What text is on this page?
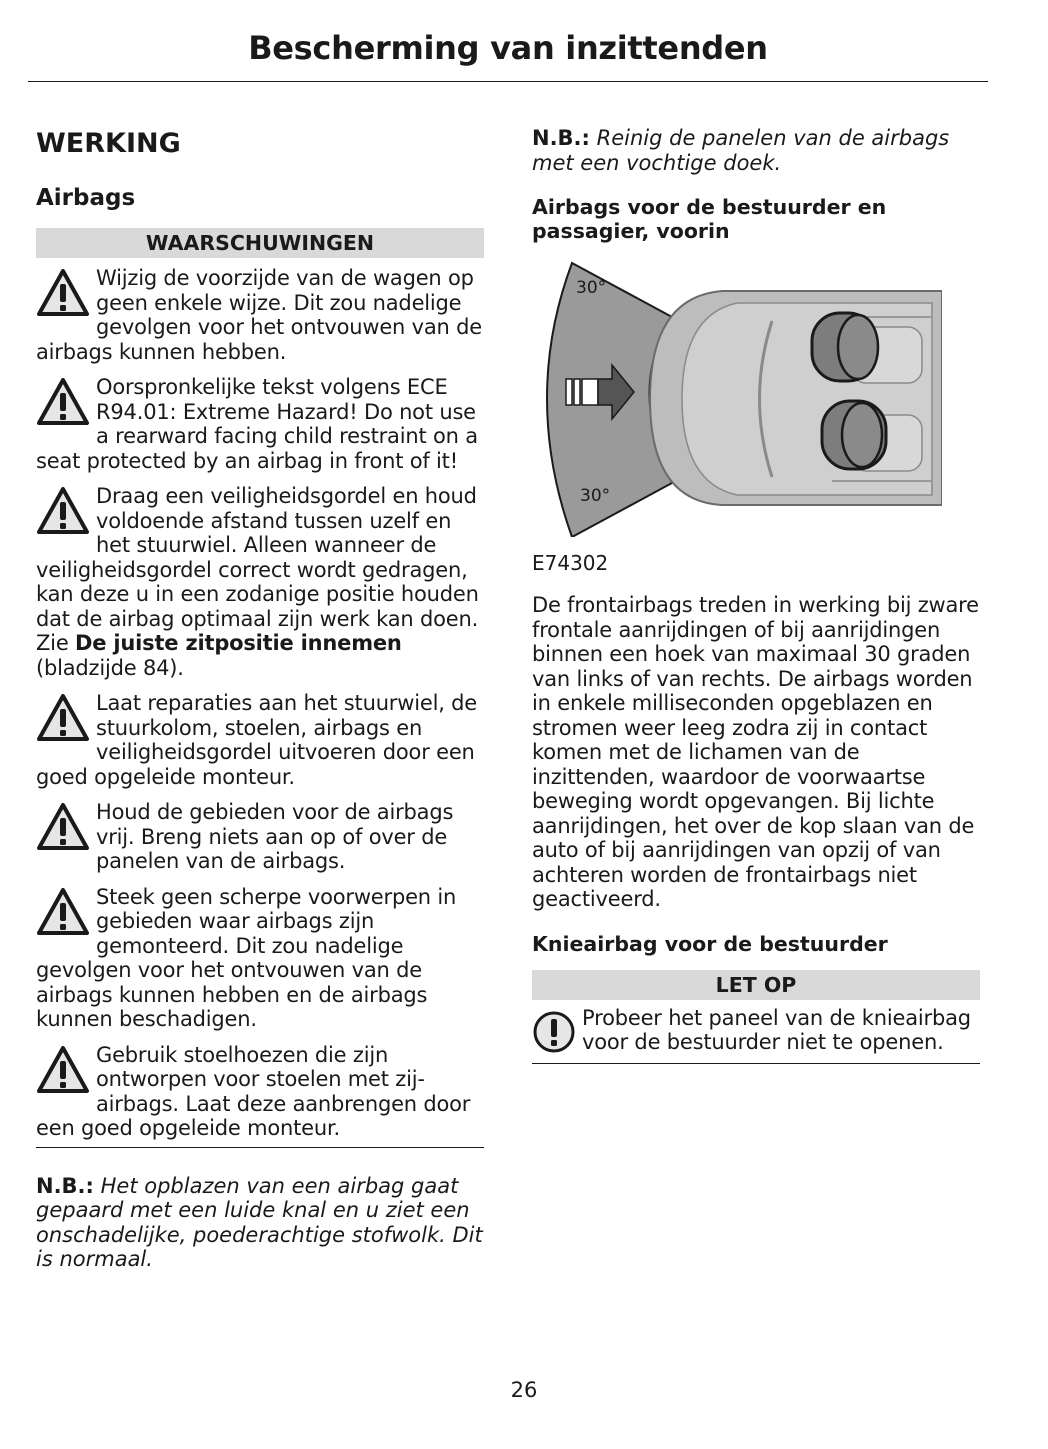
Bescherming van inzittenden
WERKING
Airbags
WAARSCHUWINGEN
Wijzig de voorzijde van de wagen op geen enkele wijze. Dit zou nadelige gevolgen voor het ontvouwen van de airbags kunnen hebben.
Oorspronkelijke tekst volgens ECE R94.01: Extreme Hazard! Do not use a rearward facing child restraint on a seat protected by an airbag in front of it!
Draag een veiligheidsgordel en houd voldoende afstand tussen uzelf en het stuurwiel. Alleen wanneer de veiligheidsgordel correct wordt gedragen, kan deze u in een zodanige positie houden dat de airbag optimaal zijn werk kan doen. Zie De juiste zitpositie innemen (bladzijde 84).
Laat reparaties aan het stuurwiel, de stuurkolom, stoelen, airbags en veiligheidsgordel uitvoeren door een goed opgeleide monteur.
Houd de gebieden voor de airbags vrij. Breng niets aan op of over de panelen van de airbags.
Steek geen scherpe voorwerpen in gebieden waar airbags zijn gemonteerd. Dit zou nadelige gevolgen voor het ontvouwen van de airbags kunnen hebben en de airbags kunnen beschadigen.
Gebruik stoelhoezen die zijn ontworpen voor stoelen met zij-airbags. Laat deze aanbrengen door een goed opgeleide monteur.
N.B.: Het opblazen van een airbag gaat gepaard met een luide knal en u ziet een onschadelijke, poederachtige stofwolk. Dit is normaal.
N.B.: Reinig de panelen van de airbags met een vochtige doek.
Airbags voor de bestuurder en passagier, voorin
30°
30°
E74302
De frontairbags treden in werking bij zware frontale aanrijdingen of bij aanrijdingen binnen een hoek van maximaal 30 graden van links of van rechts. De airbags worden in enkele milliseconden opgeblazen en stromen weer leeg zodra zij in contact komen met de lichamen van de inzittenden, waardoor de voorwaartse beweging wordt opgevangen. Bij lichte aanrijdingen, het over de kop slaan van de auto of bij aanrijdingen van opzij of van achteren worden de frontairbags niet geactiveerd.
Knieairbag voor de bestuurder
LET OP
Probeer het paneel van de knieairbag voor de bestuurder niet te openen.
26
